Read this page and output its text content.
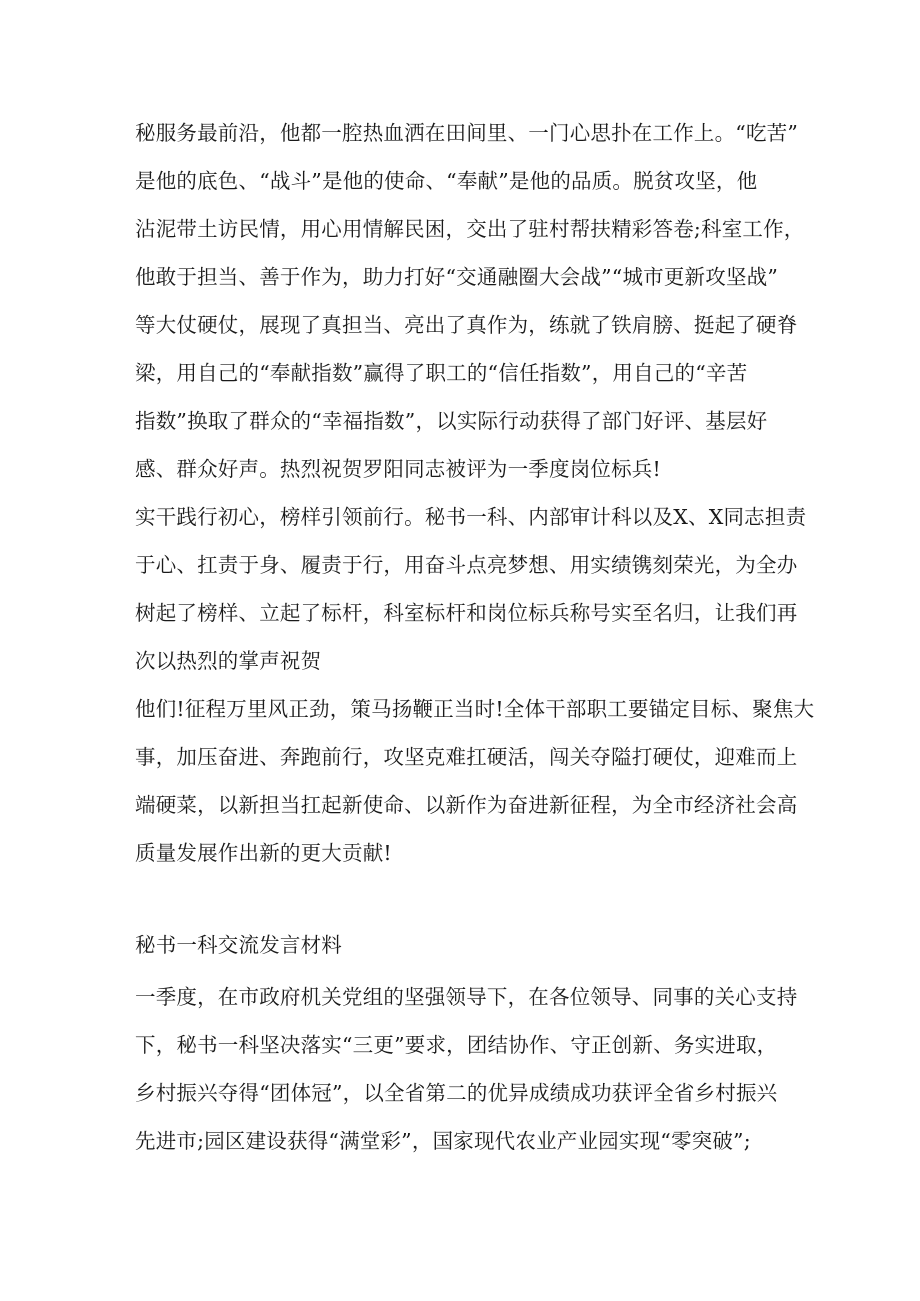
秘服务最前沿，他都一腔热血洒在田间里、一门心思扑在工作上。“吃苦”
是他的底色、“战斗”是他的使命、“奉献”是他的品质。脱贫攻坚，他
沾泥带土访民情，用心用情解民困，交出了驻村帮扶精彩答卷;科室工作，
他敢于担当、善于作为，助力打好“交通融圈大会战”“城市更新攻坚战”
等大仗硬仗，展现了真担当、亮出了真作为，练就了铁肩膀、挺起了硬脊
梁，用自己的“奉献指数”赢得了职工的“信任指数”，用自己的“辛苦
指数”换取了群众的“幸福指数”，以实际行动获得了部门好评、基层好
感、群众好声。热烈祝贺罗阳同志被评为一季度岗位标兵!
实干践行初心，榜样引领前行。秘书一科、内部审计科以及X、X同志担责
于心、扛责于身、履责于行，用奋斗点亮梦想、用实绩镌刻荣光，为全办
树起了榜样、立起了标杆，科室标杆和岗位标兵称号实至名归，让我们再
次以热烈的掌声祝贺
他们!征程万里风正劲，策马扬鞭正当时!全体干部职工要锚定目标、聚焦大
事，加压奋进、奔跑前行，攻坚克难扛硬活，闯关夺隘打硬仗，迎难而上
端硬菜，以新担当扛起新使命、以新作为奋进新征程，为全市经济社会高
质量发展作出新的更大贡献!
秘书一科交流发言材料
一季度，在市政府机关党组的坚强领导下，在各位领导、同事的关心支持
下，秘书一科坚决落实“三更”要求，团结协作、守正创新、务实进取，
乡村振兴夺得“团体冠”，以全省第二的优异成绩成功获评全省乡村振兴
先进市;园区建设获得“满堂彩”，国家现代农业产业园实现“零突破”;
